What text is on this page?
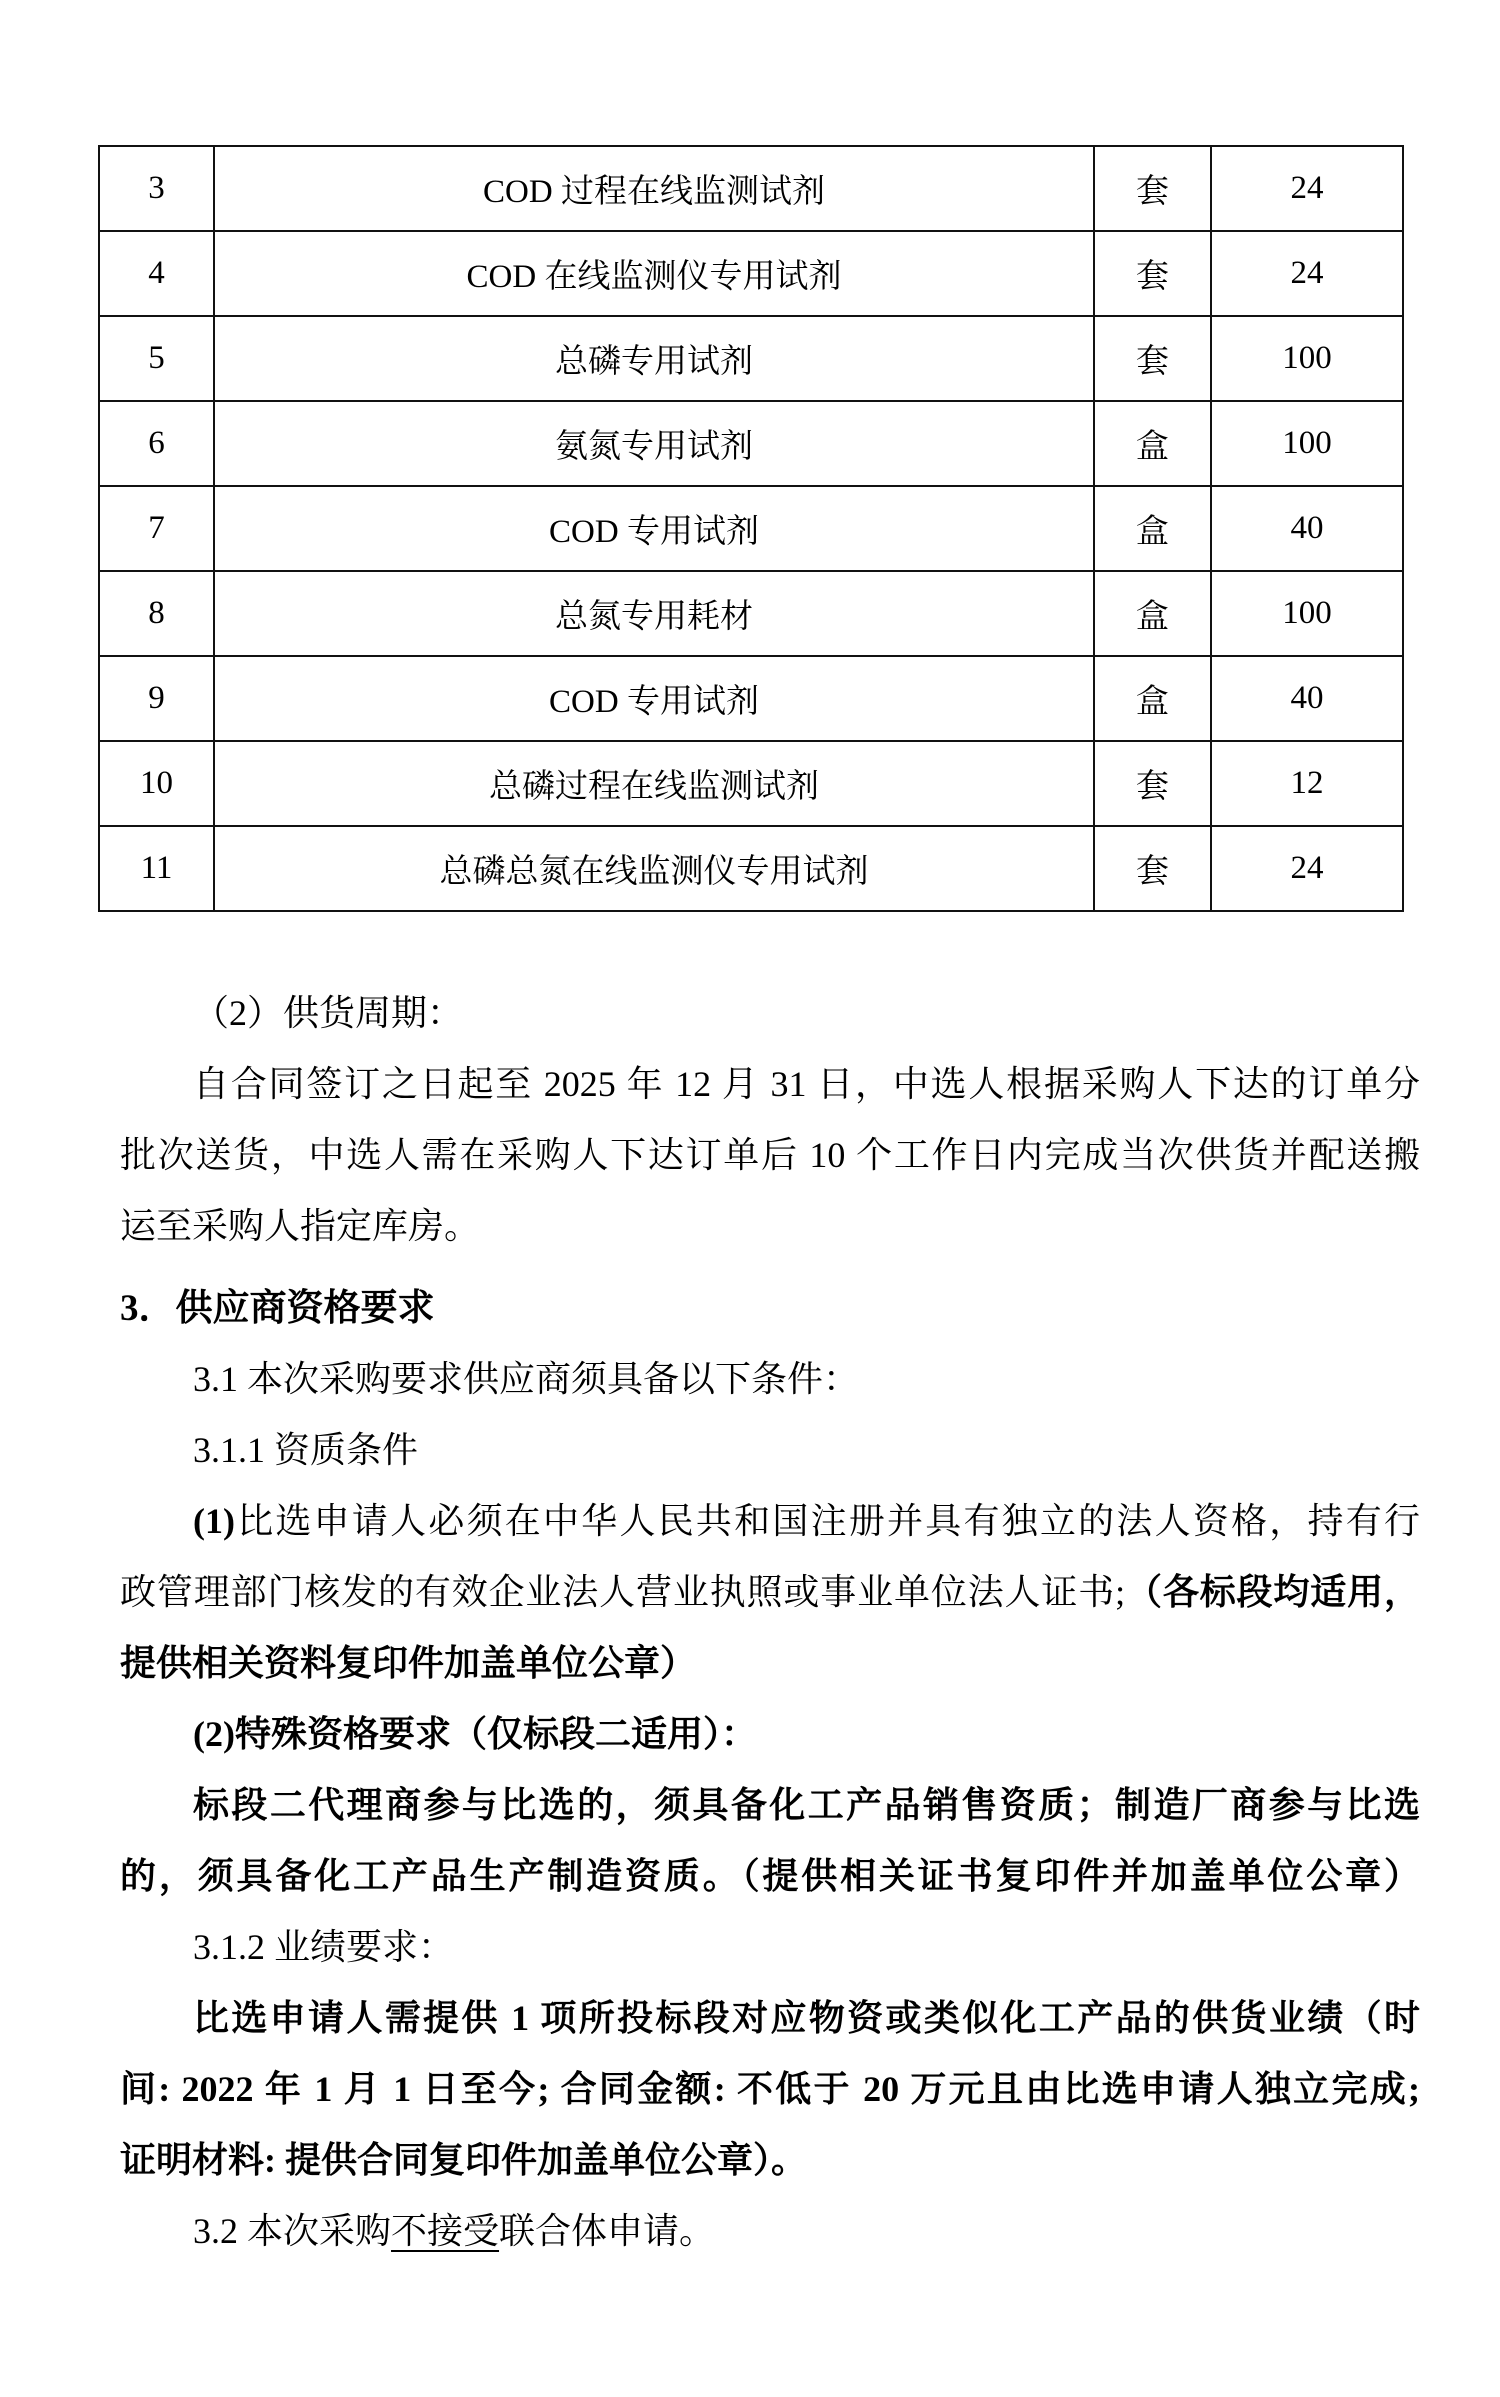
3	COD 过程在线监测试剂	套	24
4	COD 在线监测仪专用试剂	套	24
5	总磷专用试剂	套	100
6	氨氮专用试剂	盒	100
7	COD 专用试剂	盒	40
8	总氮专用耗材	盒	100
9	COD 专用试剂	盒	40
10	总磷过程在线监测试剂	套	12
11	总磷总氮在线监测仪专用试剂	套	24
（2）供货周期：
自合同签订之日起至 2025 年 12 月 31 日，中选人根据采购人下达的订单分
批次送货，中选人需在采购人下达订单后 10 个工作日内完成当次供货并配送搬
运至采购人指定库房。
3．供应商资格要求
3.1 本次采购要求供应商须具备以下条件：
3.1.1 资质条件
(1)比选申请人必须在中华人民共和国注册并具有独立的法人资格，持有行
政管理部门核发的有效企业法人营业执照或事业单位法人证书;（各标段均适用，
提供相关资料复印件加盖单位公章）
(2)特殊资格要求（仅标段二适用）：
标段二代理商参与比选的，须具备化工产品销售资质；制造厂商参与比选
的，须具备化工产品生产制造资质。（提供相关证书复印件并加盖单位公章）
3.1.2 业绩要求：
比选申请人需提供 1 项所投标段对应物资或类似化工产品的供货业绩（时
间: 2022 年 1 月 1 日至今; 合同金额: 不低于 20 万元且由比选申请人独立完成;
证明材料: 提供合同复印件加盖单位公章）。
3.2 本次采购不接受联合体申请。
